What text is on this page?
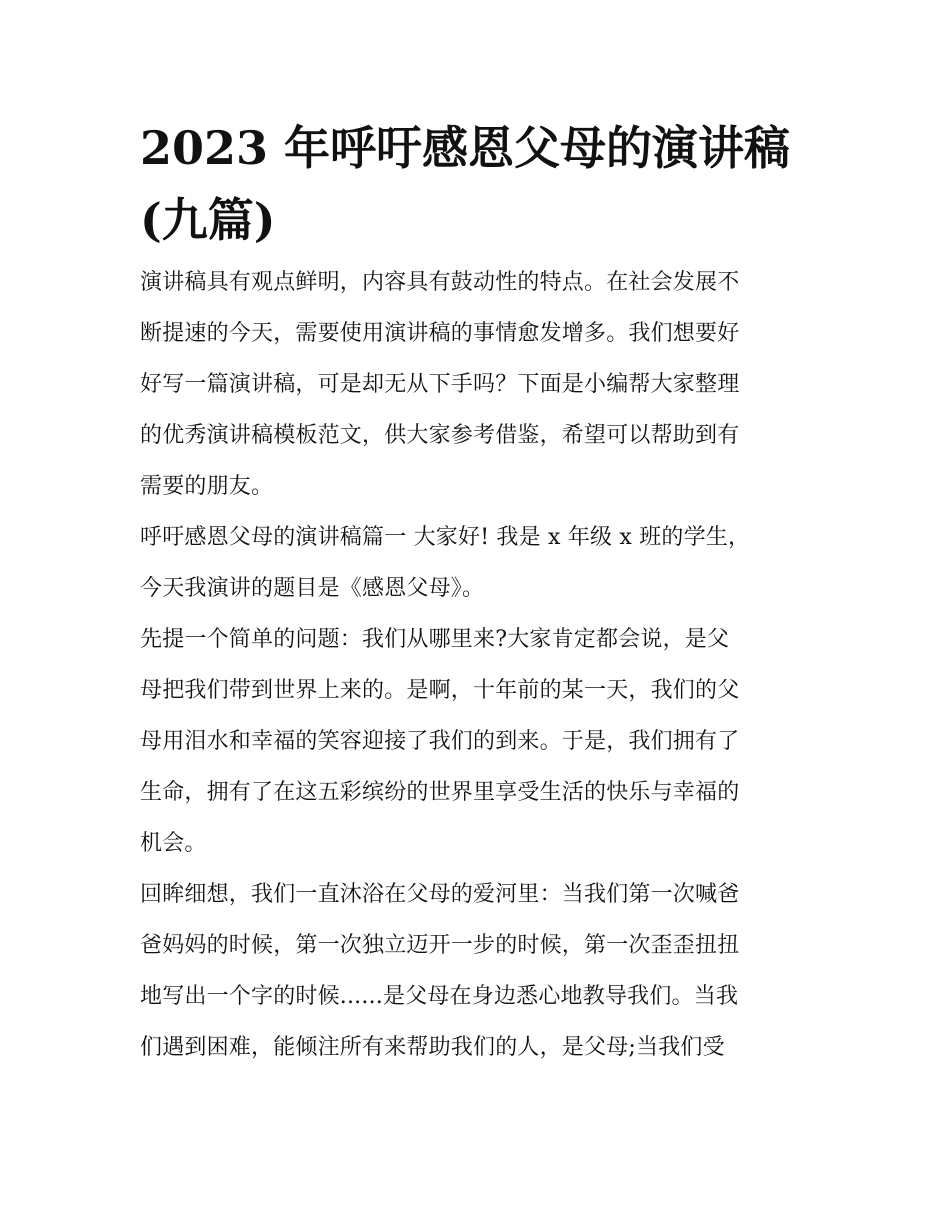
2023 年呼吁感恩父母的演讲稿
(九篇)

演讲稿具有观点鲜明，内容具有鼓动性的特点。在社会发展不
断提速的今天，需要使用演讲稿的事情愈发增多。我们想要好
好写一篇演讲稿，可是却无从下手吗？下面是小编帮大家整理
的优秀演讲稿模板范文，供大家参考借鉴，希望可以帮助到有
需要的朋友。

呼吁感恩父母的演讲稿篇一 大家好! 我是 x 年级 x 班的学生，
今天我演讲的题目是《感恩父母》。

先提一个简单的问题：我们从哪里来?大家肯定都会说，是父
母把我们带到世界上来的。是啊，十年前的某一天，我们的父
母用泪水和幸福的笑容迎接了我们的到来。于是，我们拥有了
生命，拥有了在这五彩缤纷的世界里享受生活的快乐与幸福的
机会。

回眸细想，我们一直沐浴在父母的爱河里：当我们第一次喊爸
爸妈妈的时候，第一次独立迈开一步的时候，第一次歪歪扭扭
地写出一个字的时候......是父母在身边悉心地教导我们。当我
们遇到困难，能倾注所有来帮助我们的人，是父母;当我们受
